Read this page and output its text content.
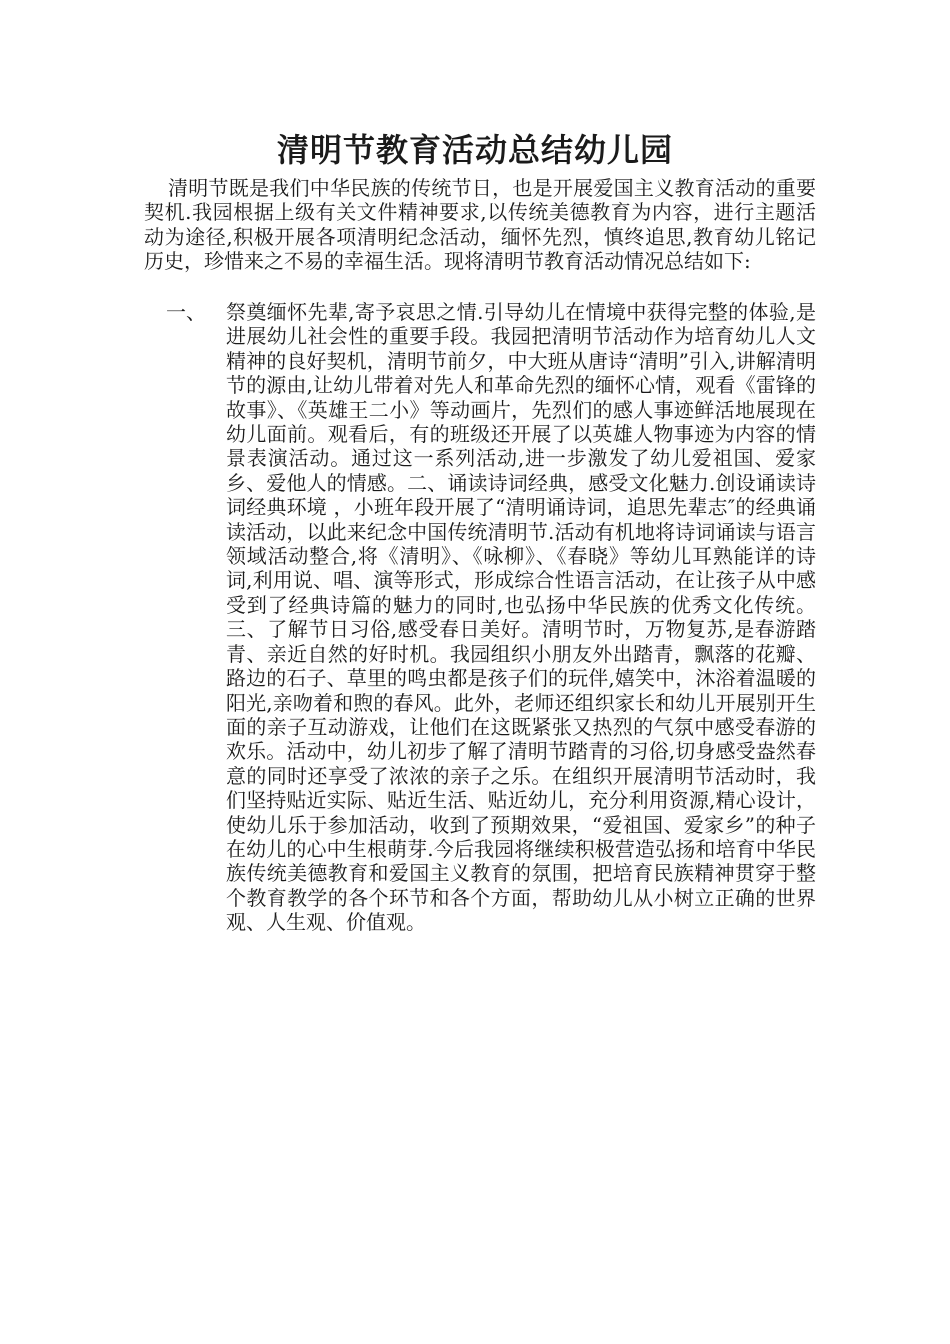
清明节教育活动总结幼儿园

清明节既是我们中华民族的传统节日，也是开展爱国主义教育活动的重要契机.我园根据上级有关文件精神要求,以传统美德教育为内容，进行主题活动为途径,积极开展各项清明纪念活动，缅怀先烈，慎终追思,教育幼儿铭记历史，珍惜来之不易的幸福生活。现将清明节教育活动情况总结如下:

一、 祭奠缅怀先辈,寄予哀思之情.引导幼儿在情境中获得完整的体验,是进展幼儿社会性的重要手段。我园把清明节活动作为培育幼儿人文精神的良好契机，清明节前夕，中大班从唐诗“清明”引入,讲解清明节的源由,让幼儿带着对先人和革命先烈的缅怀心情，观看《雷锋的故事》、《英雄王二小》等动画片，先烈们的感人事迹鲜活地展现在幼儿面前。观看后，有的班级还开展了以英雄人物事迹为内容的情景表演活动。通过这一系列活动,进一步激发了幼儿爱祖国、爱家乡、爱他人的情感。二、诵读诗词经典，感受文化魅力.创设诵读诗词经典环境 ，小班年段开展了“清明诵诗词，追思先辈志″的经典诵读活动，以此来纪念中国传统清明节.活动有机地将诗词诵读与语言领域活动整合,将《清明》、《咏柳》、《春晓》等幼儿耳熟能详的诗词,利用说、唱、演等形式，形成综合性语言活动，在让孩子从中感受到了经典诗篇的魅力的同时,也弘扬中华民族的优秀文化传统。三、了解节日习俗,感受春日美好。清明节时，万物复苏,是春游踏青、亲近自然的好时机。我园组织小朋友外出踏青，飘落的花瓣、路边的石子、草里的鸣虫都是孩子们的玩伴,嬉笑中，沐浴着温暖的阳光,亲吻着和煦的春风。此外，老师还组织家长和幼儿开展别开生面的亲子互动游戏，让他们在这既紧张又热烈的气氛中感受春游的欢乐。活动中，幼儿初步了解了清明节踏青的习俗,切身感受盎然春意的同时还享受了浓浓的亲子之乐。在组织开展清明节活动时，我们坚持贴近实际、贴近生活、贴近幼儿，充分利用资源,精心设计，使幼儿乐于参加活动，收到了预期效果，“爱祖国、爱家乡”的种子在幼儿的心中生根萌芽.今后我园将继续积极营造弘扬和培育中华民族传统美德教育和爱国主义教育的氛围，把培育民族精神贯穿于整个教育教学的各个环节和各个方面，帮助幼儿从小树立正确的世界观、人生观、价值观。
